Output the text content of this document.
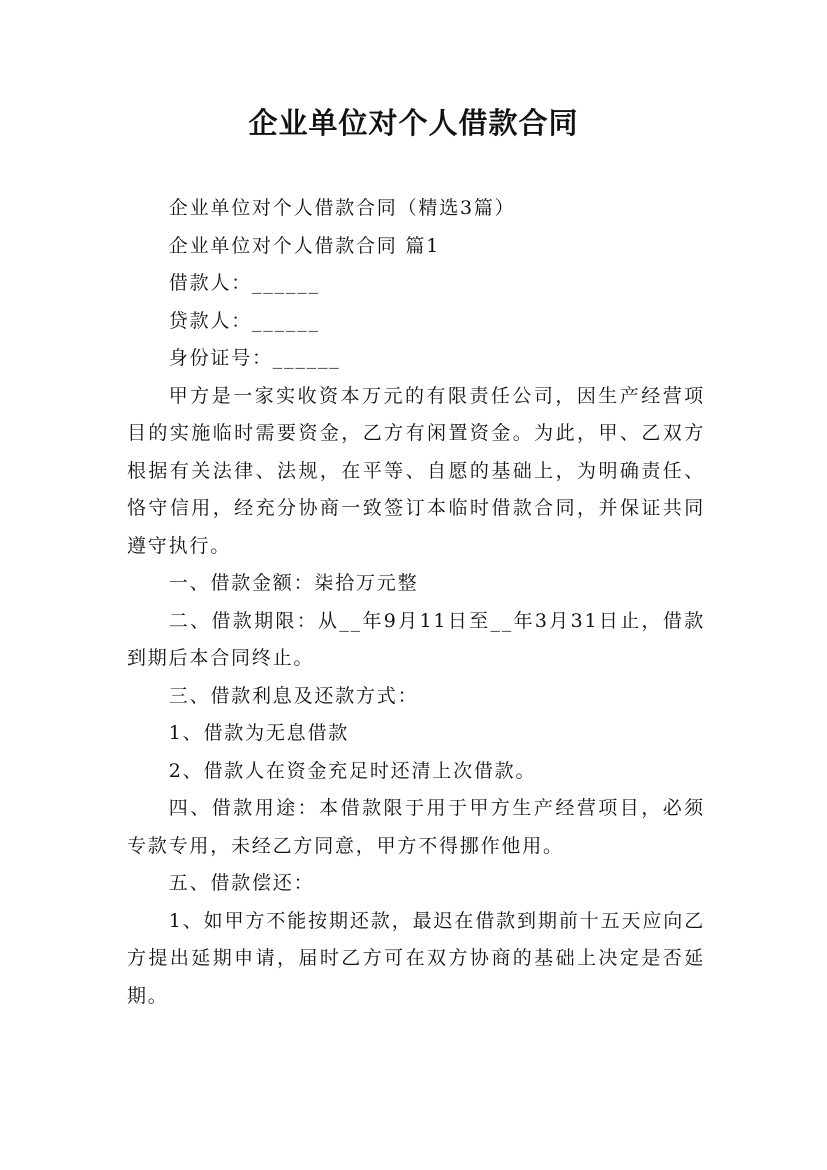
企业单位对个人借款合同

企业单位对个人借款合同（精选3篇）

企业单位对个人借款合同 篇1

借款人：______

贷款人：______

身份证号：______

甲方是一家实收资本万元的有限责任公司，因生产经营项目的实施临时需要资金，乙方有闲置资金。为此，甲、乙双方根据有关法律、法规，在平等、自愿的基础上，为明确责任、恪守信用，经充分协商一致签订本临时借款合同，并保证共同遵守执行。

一、借款金额：柒拾万元整

二、借款期限：从__年9月11日至__年3月31日止，借款到期后本合同终止。

三、借款利息及还款方式：

1、借款为无息借款

2、借款人在资金充足时还清上次借款。

四、借款用途：本借款限于用于甲方生产经营项目，必须专款专用，未经乙方同意，甲方不得挪作他用。

五、借款偿还：

1、如甲方不能按期还款，最迟在借款到期前十五天应向乙方提出延期申请，届时乙方可在双方协商的基础上决定是否延期。
